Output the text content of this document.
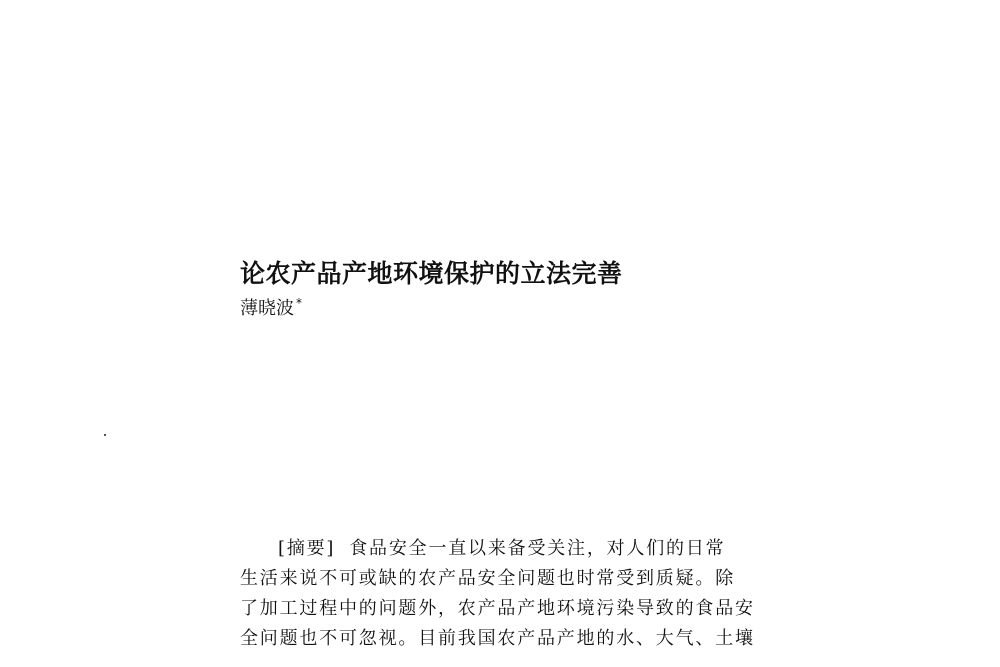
论农产品产地环境保护的立法完善
薄晓波 *
[摘要] 食品安全一直以来备受关注，对人们的日常
生活来说不可或缺的农产品安全问题也时常受到质疑。除
了加工过程中的问题外，农产品产地环境污染导致的食品安
全问题也不可忽视。目前我国农产品产地的水、大气、土壤
